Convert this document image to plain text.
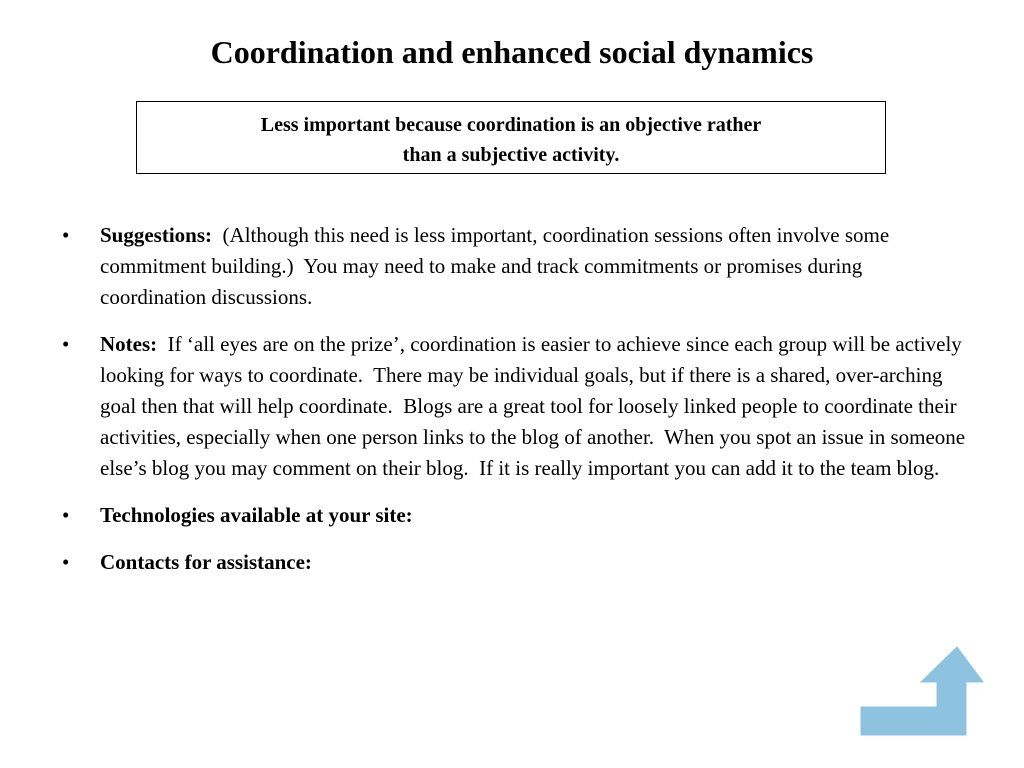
Coordination and enhanced social dynamics
Less important because coordination is an objective rather
than a subjective activity.
• Suggestions:  (Although this need is less important, coordination sessions often involve some commitment building.)  You may need to make and track commitments or promises during coordination discussions.
• Notes:  If ‘all eyes are on the prize’, coordination is easier to achieve since each group will be actively looking for ways to coordinate.  There may be individual goals, but if there is a shared, over-arching goal then that will help coordinate.  Blogs are a great tool for loosely linked people to coordinate their activities, especially when one person links to the blog of another.  When you spot an issue in someone else’s blog you may comment on their blog.  If it is really important you can add it to the team blog.
• Technologies available at your site:
• Contacts for assistance:
